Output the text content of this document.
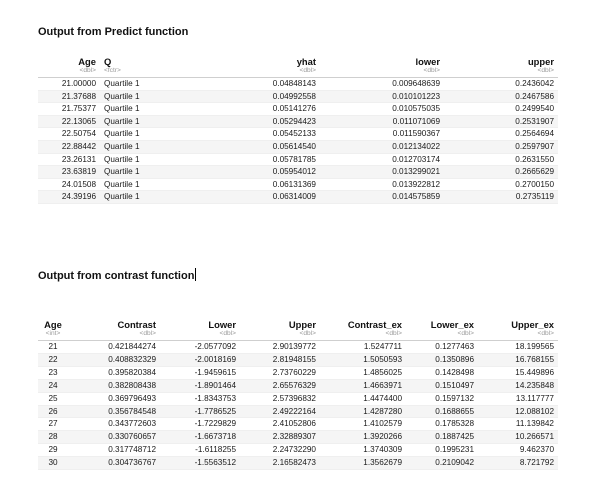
Output from Predict function
Age	Q	yhat	lower	upper
<dbl>	<fctr>	<dbl>	<dbl>	<dbl>
21.00000	Quartile 1	0.04848143	0.009648639	0.2436042
21.37688	Quartile 1	0.04992558	0.010101223	0.2467586
21.75377	Quartile 1	0.05141276	0.010575035	0.2499540
22.13065	Quartile 1	0.05294423	0.011071069	0.2531907
22.50754	Quartile 1	0.05452133	0.011590367	0.2564694
22.88442	Quartile 1	0.05614540	0.012134022	0.2597907
23.26131	Quartile 1	0.05781785	0.012703174	0.2631550
23.63819	Quartile 1	0.05954012	0.013299021	0.2665629
24.01508	Quartile 1	0.06131369	0.013922812	0.2700150
24.39196	Quartile 1	0.06314009	0.014575859	0.2735119
Output from contrast function
Age	Contrast	Lower	Upper	Contrast_ex	Lower_ex	Upper_ex
<int>	<dbl>	<dbl>	<dbl>	<dbl>	<dbl>	<dbl>
21	0.421844274	-2.0577092	2.90139772	1.5247711	0.1277463	18.199565
22	0.408832329	-2.0018169	2.81948155	1.5050593	0.1350896	16.768155
23	0.395820384	-1.9459615	2.73760229	1.4856025	0.1428498	15.449896
24	0.382808438	-1.8901464	2.65576329	1.4663971	0.1510497	14.235848
25	0.369796493	-1.8343753	2.57396832	1.4474400	0.1597132	13.117777
26	0.356784548	-1.7786525	2.49222164	1.4287280	0.1688655	12.088102
27	0.343772603	-1.7229829	2.41052806	1.4102579	0.1785328	11.139842
28	0.330760657	-1.6673718	2.32889307	1.3920266	0.1887425	10.266571
29	0.317748712	-1.6118255	2.24732290	1.3740309	0.1995231	9.462370
30	0.304736767	-1.5563512	2.16582473	1.3562679	0.2109042	8.721792
